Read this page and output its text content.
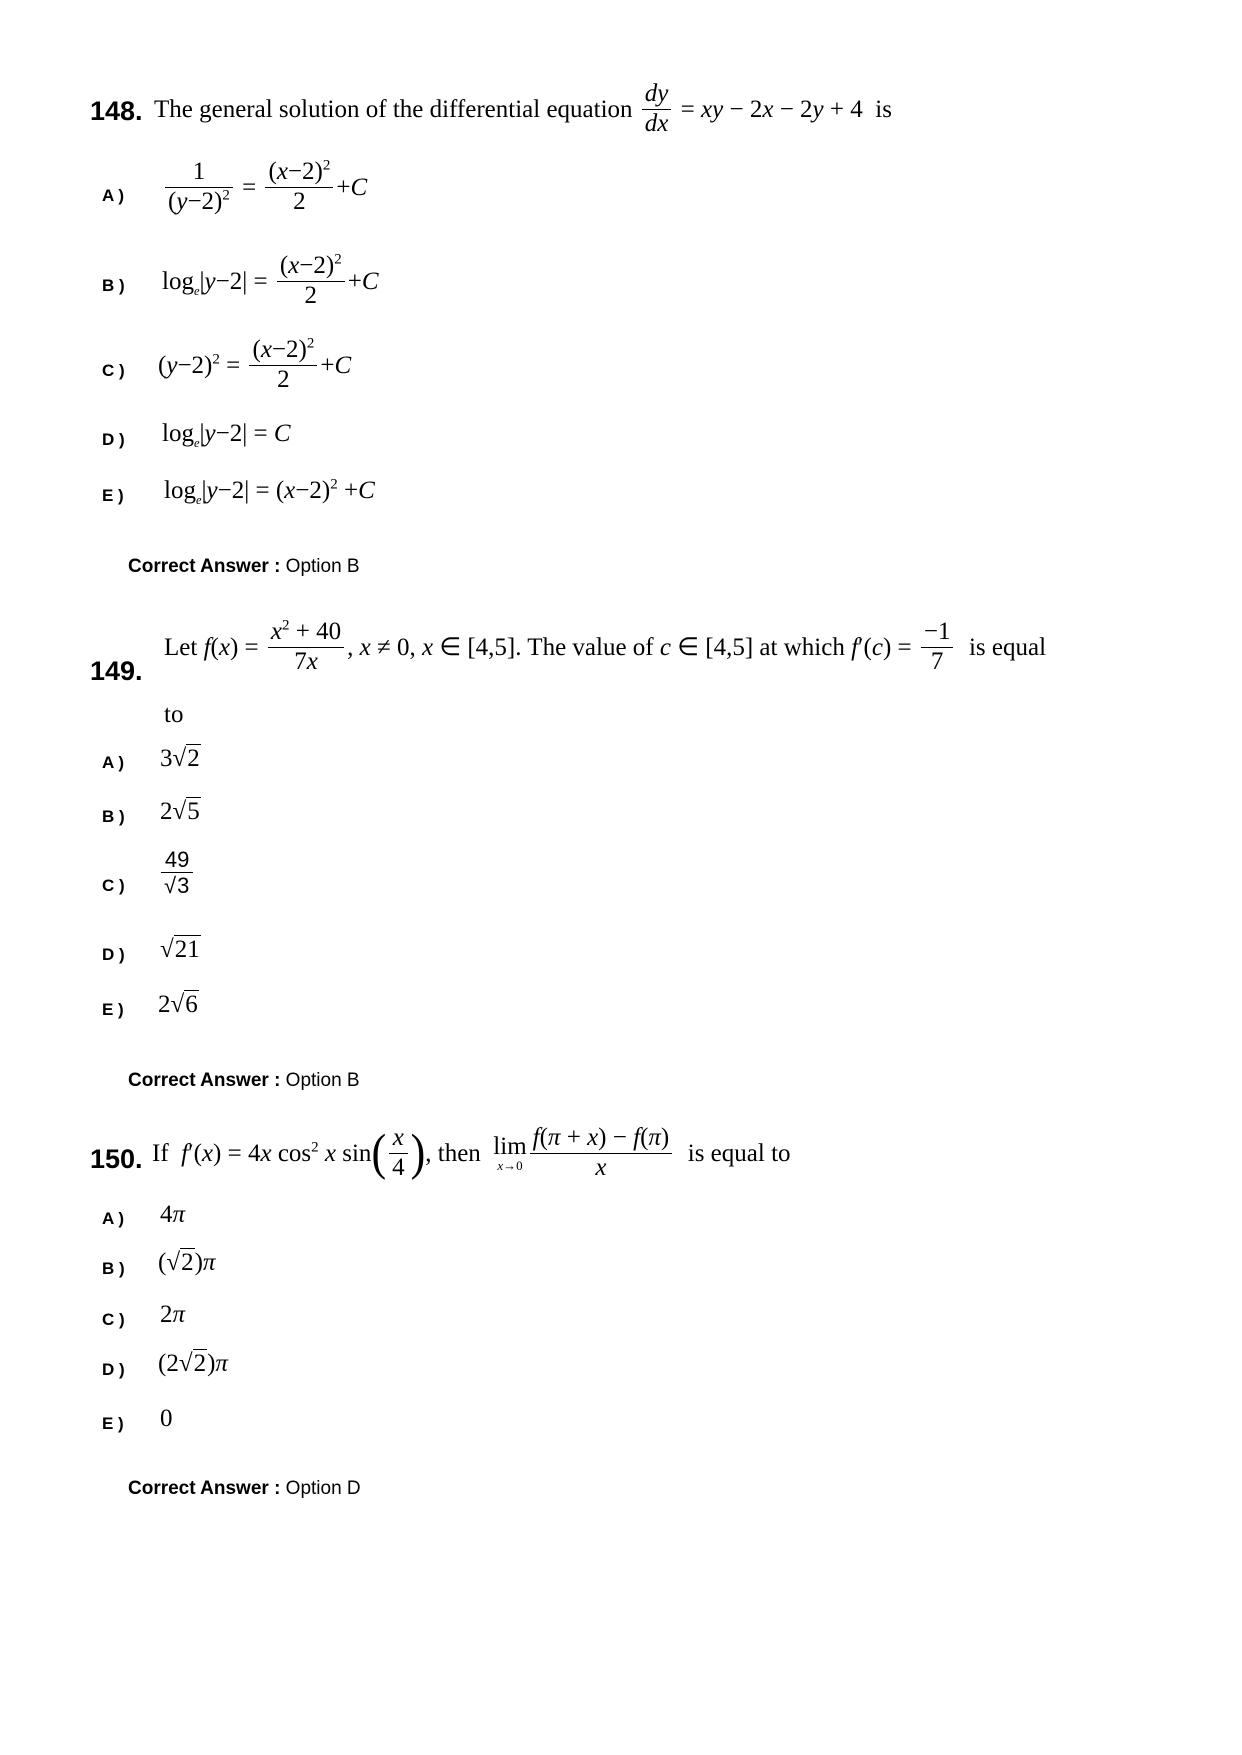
148. The general solution of the differential equation $\frac{dy}{dx}$ = xy − 2x − 2y + 4  is
A ) $\frac{1}{(y-2)^2} = \frac{(x-2)^2}{2} +C$
B ) $\log_e|y-2| = \frac{(x-2)^2}{2} +C$
C ) $(y-2)^2 = \frac{(x-2)^2}{2} +C$
D ) $\log_e|y-2| = C$
E ) $\log_e|y-2| = (x-2)^2 +C$
Correct Answer : Option B
149.
Let $f(x) = \frac{x^2 + 40}{7x}$ , x ≠ 0, x ∈ [4,5]. The value of c ∈ [4,5] at which $f'(c) = \frac{-1}{7}$ is equal
to
A ) 3√2
B ) 2√5
C ) $\frac{49}{√3}$
D ) √21
E ) 2√6
Correct Answer : Option B
150. If  f′(x) = 4x $\cos^2 x$ $\sin( \frac{x}{4}$ ), then  lim
$x\to 0 \frac{f(\pi + x) - f(\pi)}{x}$ is equal to
A ) 4π
B ) (√2)π
C ) 2π
D ) (2√2)π
E ) 0
Correct Answer : Option D
